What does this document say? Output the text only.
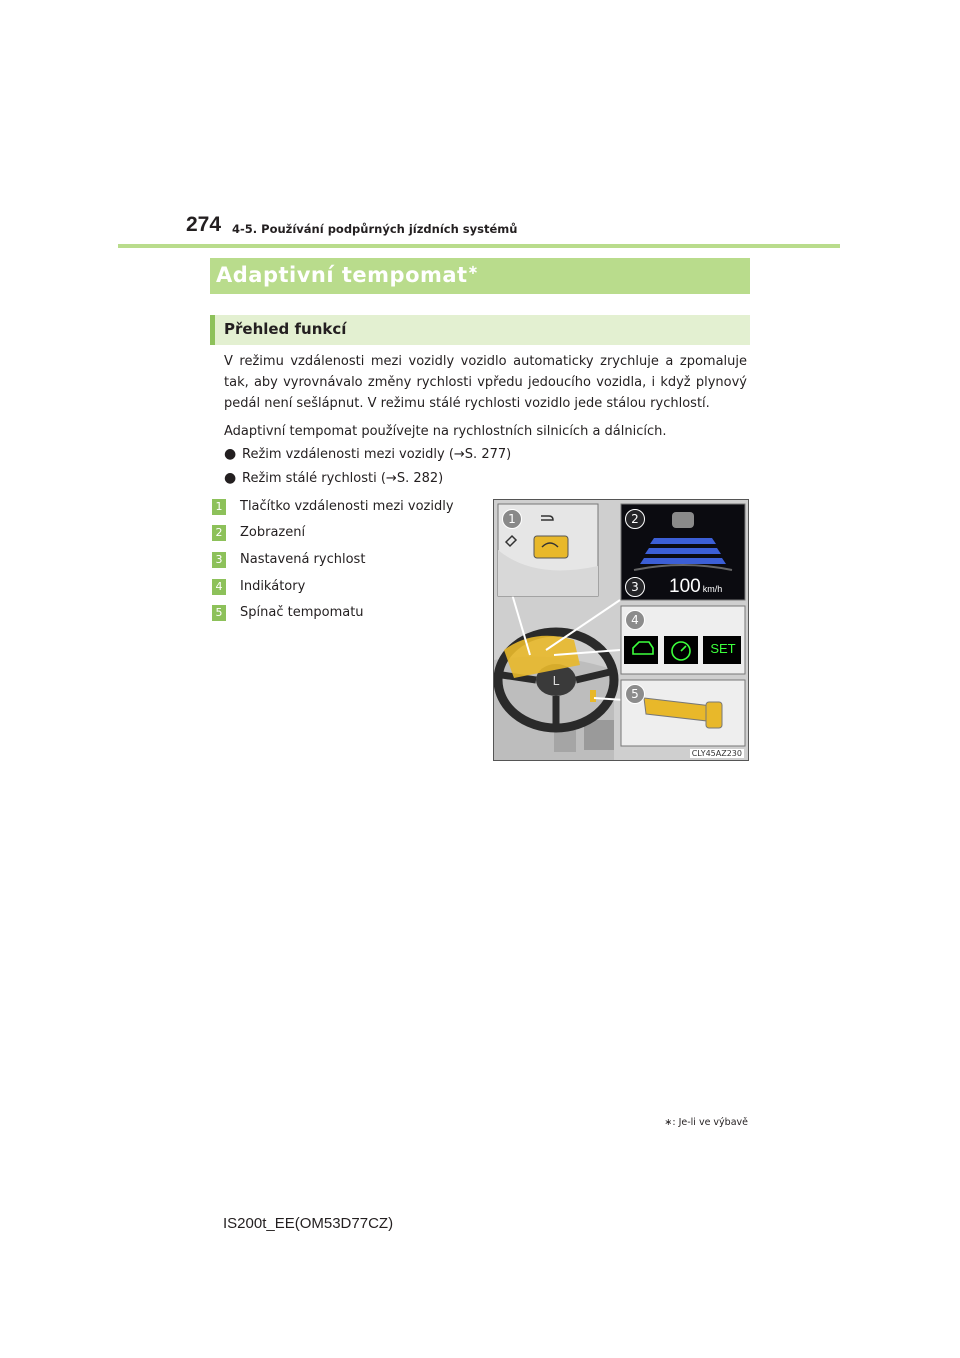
274 4-5. Používání podpůrných jízdních systémů
Adaptivní tempomat∗
Přehled funkcí
V režimu vzdálenosti mezi vozidly vozidlo automaticky zrychluje a zpomaluje tak, aby vyrovnávalo změny rychlosti vpředu jedoucího vozidla, i když plynový pedál není sešlápnut. V režimu stálé rychlosti vozidlo jede stálou rychlostí.
Adaptivní tempomat používejte na rychlostních silnicích a dálnicích.
● Režim vzdálenosti mezi vozidly (→S. 277)
● Režim stálé rychlosti (→S. 282)
1 Tlačítko vzdálenosti mezi vozidly
2 Zobrazení
3 Nastavená rychlost
4 Indikátory
5 Spínač tempomatu
L
100 km/h
SET
1	2
3
4
5
CLY45AZ230
∗: Je-li ve výbavě
IS200t_EE(OM53D77CZ)
